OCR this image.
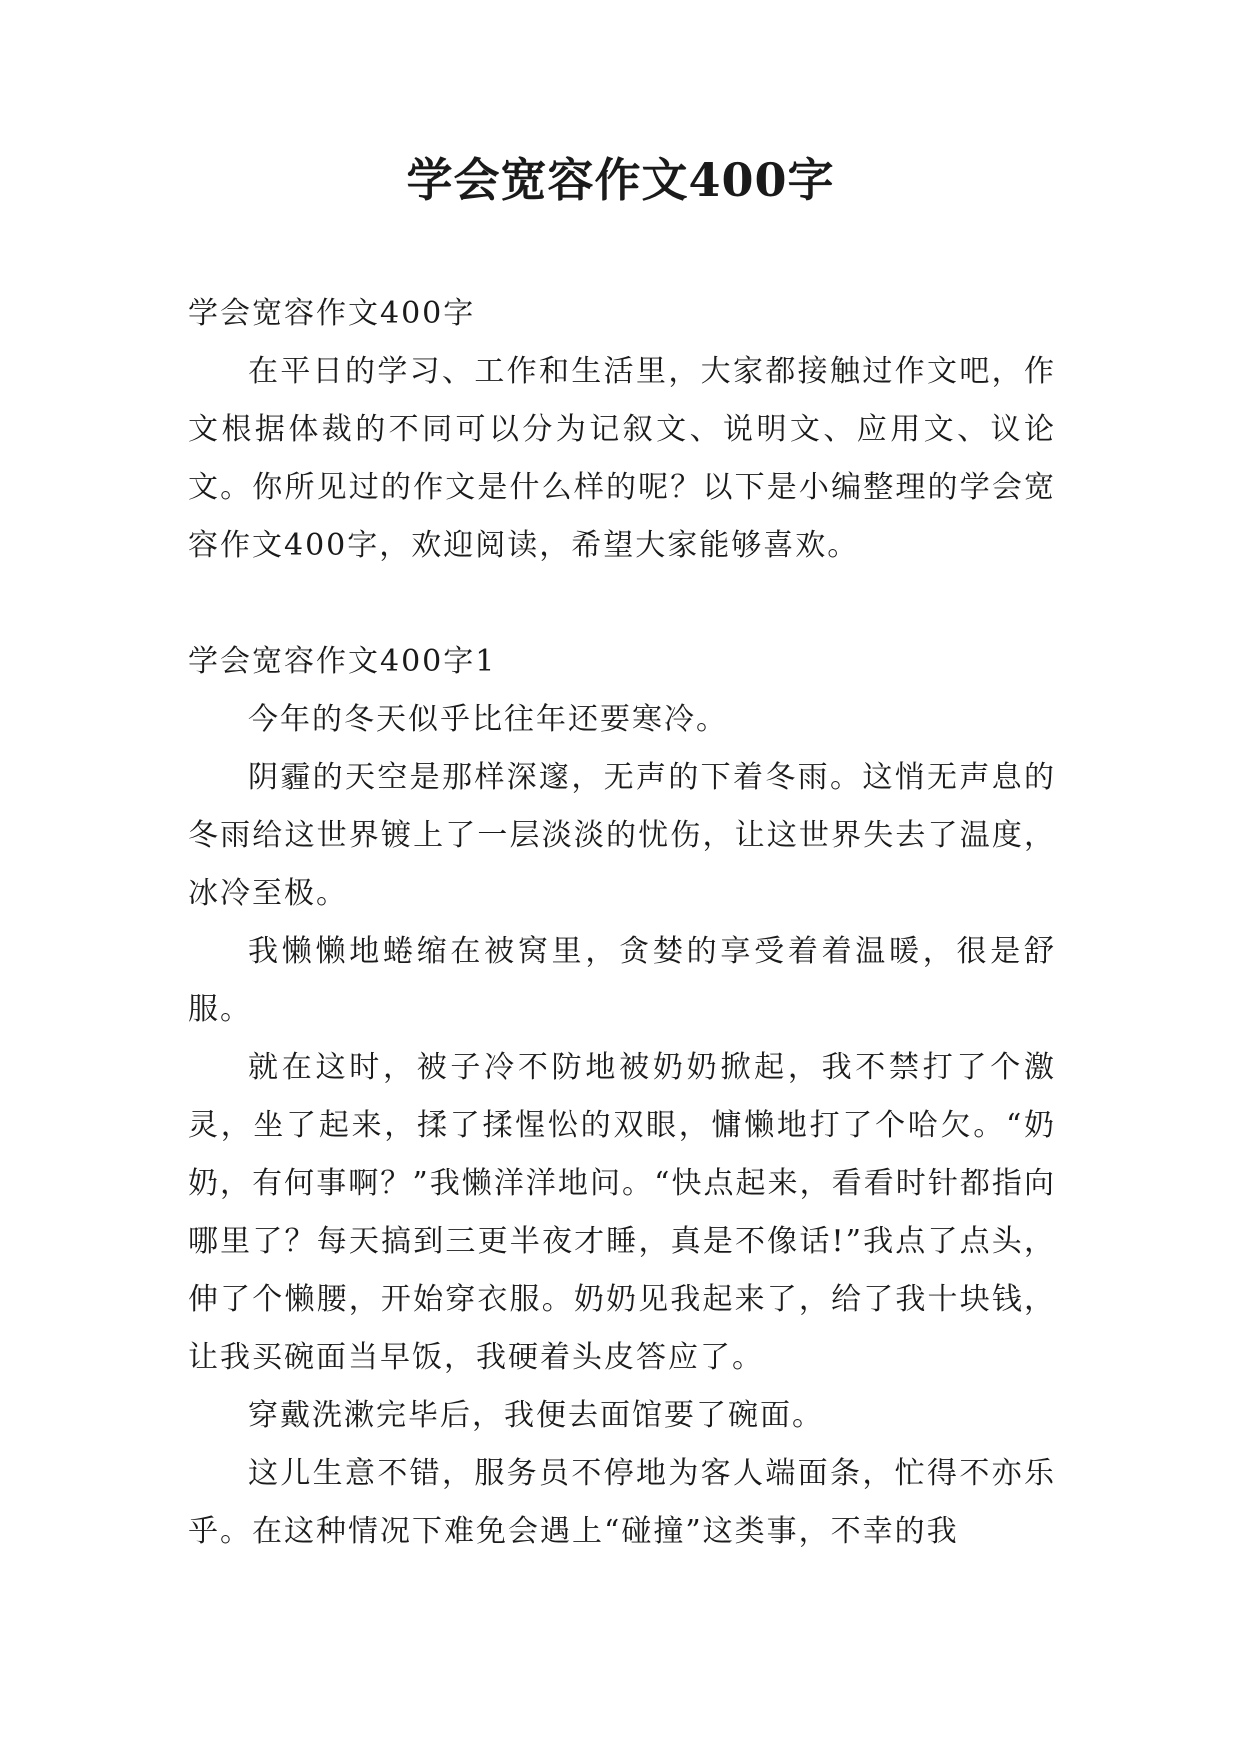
学会宽容作文400字

学会宽容作文400字

在平日的学习、工作和生活里，大家都接触过作文吧，作文根据体裁的不同可以分为记叙文、说明文、应用文、议论文。你所见过的作文是什么样的呢？以下是小编整理的学会宽容作文400字，欢迎阅读，希望大家能够喜欢。

学会宽容作文400字1

今年的冬天似乎比往年还要寒冷。

阴霾的天空是那样深邃，无声的下着冬雨。这悄无声息的冬雨给这世界镀上了一层淡淡的忧伤，让这世界失去了温度，冰冷至极。

我懒懒地蜷缩在被窝里，贪婪的享受着着温暖，很是舒服。

就在这时，被子冷不防地被奶奶掀起，我不禁打了个激灵，坐了起来，揉了揉惺忪的双眼，慵懒地打了个哈欠。“奶奶，有何事啊？”我懒洋洋地问。“快点起来，看看时针都指向哪里了？每天搞到三更半夜才睡，真是不像话!”我点了点头，伸了个懒腰，开始穿衣服。奶奶见我起来了，给了我十块钱，让我买碗面当早饭，我硬着头皮答应了。

穿戴洗漱完毕后，我便去面馆要了碗面。

这儿生意不错，服务员不停地为客人端面条，忙得不亦乐乎。在这种情况下难免会遇上“碰撞”这类事，不幸的我
